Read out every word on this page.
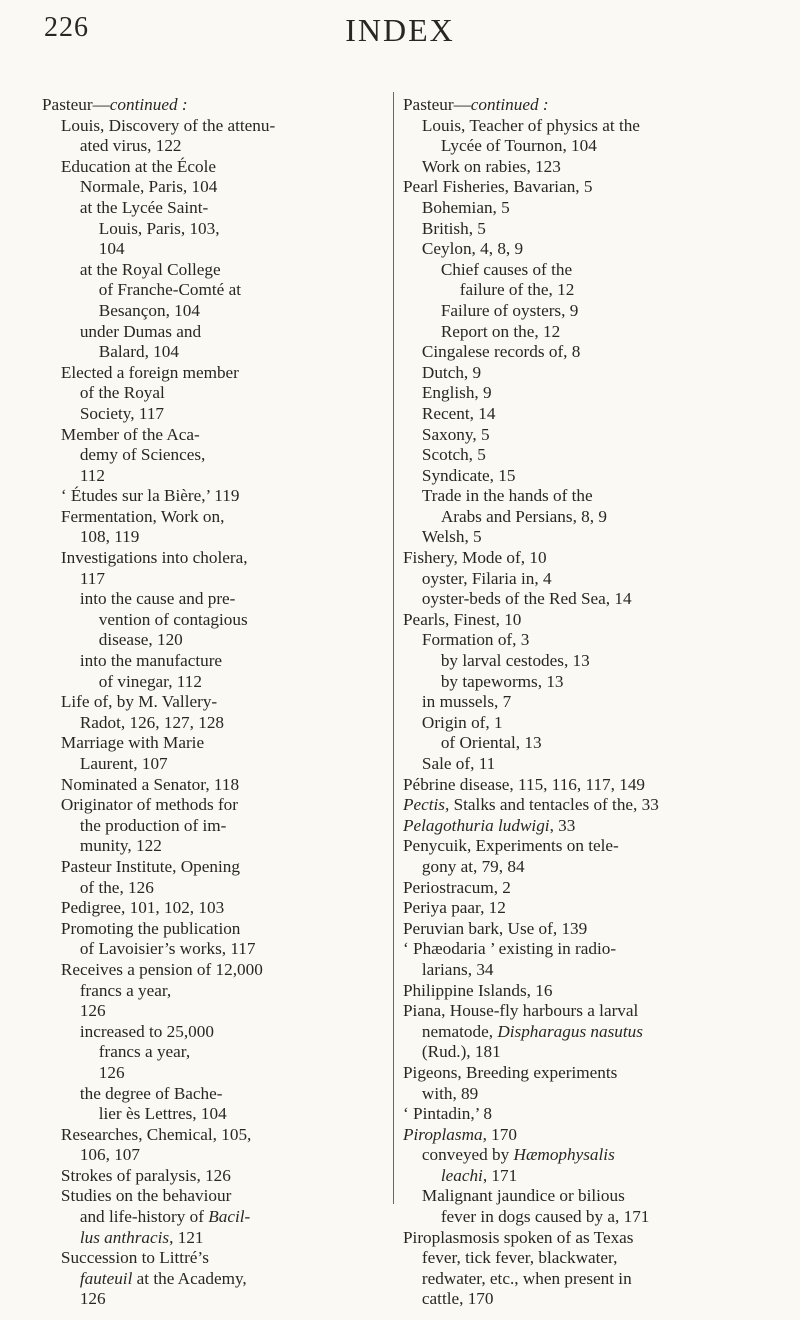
226	INDEX
Pasteur—continued :
Louis, Discovery of the attenu-
ated virus, 122
Education at the École
Normale, Paris, 104
at the Lycée Saint-
Louis, Paris, 103,
104
at the Royal College
of Franche-Comté at
Besançon, 104
under Dumas and
Balard, 104
Elected a foreign member
of the Royal
Society, 117
Member of the Aca-
demy of Sciences,
112
‘ Études sur la Bière,’ 119
Fermentation, Work on,
108, 119
Investigations into cholera,
117
into the cause and pre-
vention of contagious
disease, 120
into the manufacture
of vinegar, 112
Life of, by M. Vallery-
Radot, 126, 127, 128
Marriage with Marie
Laurent, 107
Nominated a Senator, 118
Originator of methods for
the production of im-
munity, 122
Pasteur Institute, Opening
of the, 126
Pedigree, 101, 102, 103
Promoting the publication
of Lavoisier’s works, 117
Receives a pension of 12,000
francs a year,
126
increased to 25,000
francs a year,
126
the degree of Bache-
lier ès Lettres, 104
Researches, Chemical, 105,
106, 107
Strokes of paralysis, 126
Studies on the behaviour
and life-history of Bacil-
lus anthracis, 121
Succession to Littré’s
fauteuil at the Academy,
126
Pasteur—continued :
Louis, Teacher of physics at the
Lycée of Tournon, 104
Work on rabies, 123
Pearl Fisheries, Bavarian, 5
Bohemian, 5
British, 5
Ceylon, 4, 8, 9
Chief causes of the
failure of the, 12
Failure of oysters, 9
Report on the, 12
Cingalese records of, 8
Dutch, 9
English, 9
Recent, 14
Saxony, 5
Scotch, 5
Syndicate, 15
Trade in the hands of the
Arabs and Persians, 8, 9
Welsh, 5
Fishery, Mode of, 10
oyster, Filaria in, 4
oyster-beds of the Red Sea, 14
Pearls, Finest, 10
Formation of, 3
by larval cestodes, 13
by tapeworms, 13
in mussels, 7
Origin of, 1
of Oriental, 13
Sale of, 11
Pébrine disease, 115, 116, 117, 149
Pectis, Stalks and tentacles of the, 33
Pelagothuria ludwigi, 33
Penycuik, Experiments on tele-
gony at, 79, 84
Periostracum, 2
Periya paar, 12
Peruvian bark, Use of, 139
‘ Phæodaria ’ existing in radio-
larians, 34
Philippine Islands, 16
Piana, House-fly harbours a larval
nematode, Dispharagus nasutus
(Rud.), 181
Pigeons, Breeding experiments
with, 89
‘ Pintadin,’ 8
Piroplasma, 170
conveyed by Hæmophysalis
leachi, 171
Malignant jaundice or bilious
fever in dogs caused by a, 171
Piroplasmosis spoken of as Texas
fever, tick fever, blackwater,
redwater, etc., when present in
cattle, 170
